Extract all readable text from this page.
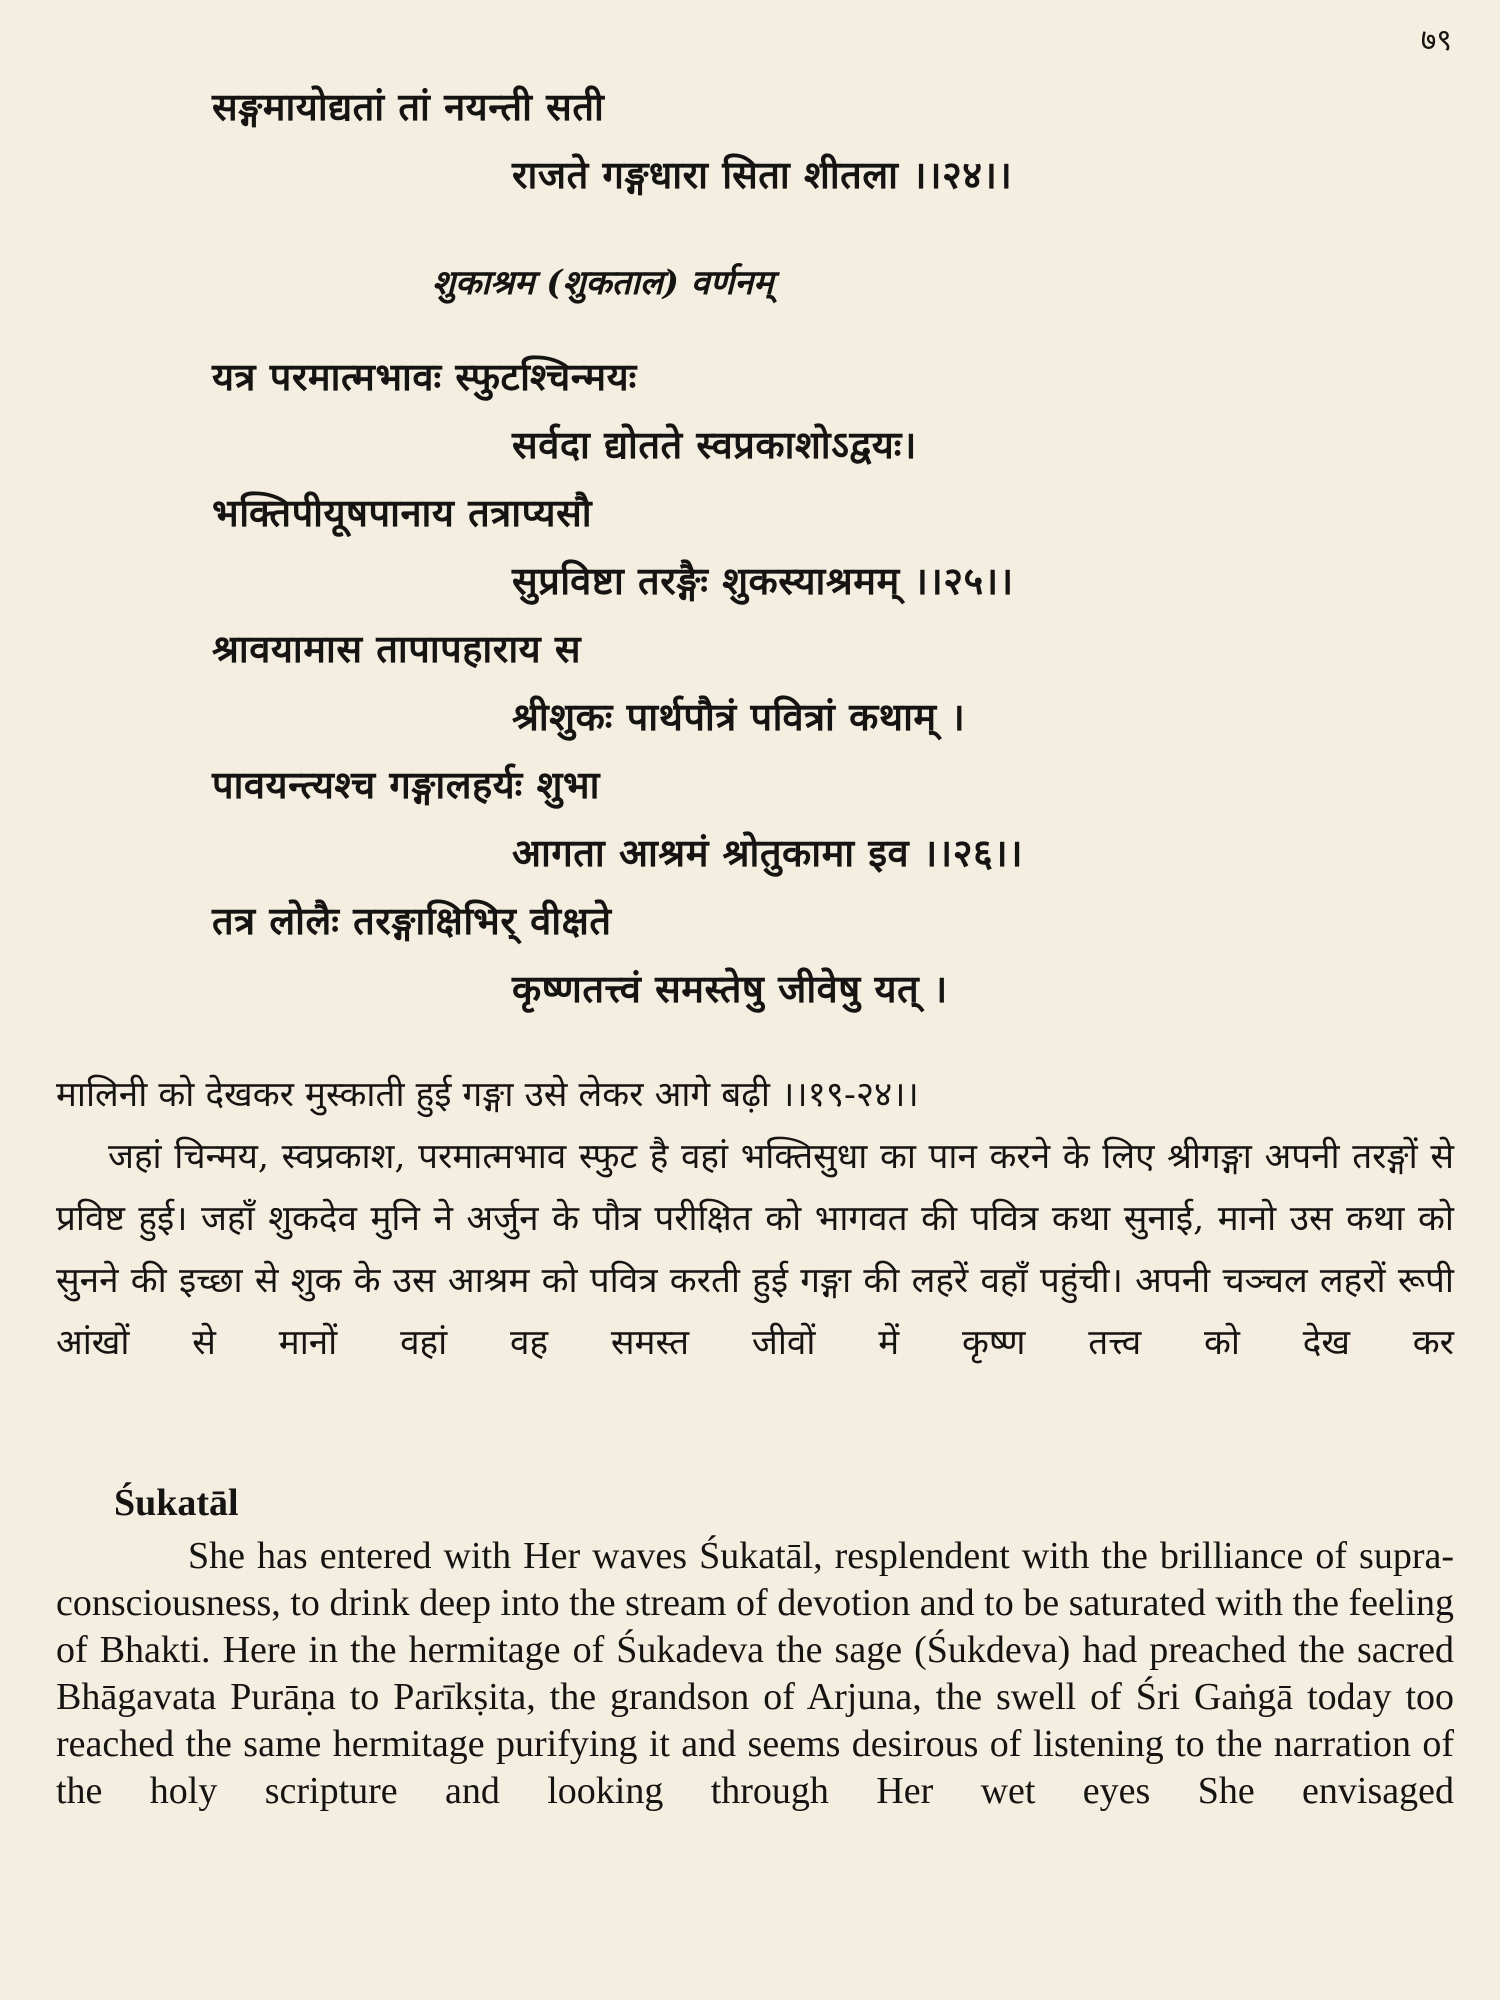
७९
सङ्गमायोद्यतां तां नयन्ती सती
राजते गङ्गधारा सिता शीतला ।।२४।।
शुकाश्रम (शुकताल) वर्णनम्
यत्र परमात्मभावः स्फुटश्चिन्मयः
सर्वदा द्योतते स्वप्रकाशोऽद्वयः।
भक्तिपीयूषपानाय तत्राप्यसौ
सुप्रविष्टा तरङ्गैः शुकस्याश्रमम् ।।२५।।
श्रावयामास तापापहाराय स
श्रीशुकः पार्थपौत्रं पवित्रां कथाम् ।
पावयन्त्यश्च गङ्गालहर्यः शुभा
आगता आश्रमं श्रोतुकामा इव ।।२६।।
तत्र लोलैः तरङ्गाक्षिभिर् वीक्षते
कृष्णतत्त्वं समस्तेषु जीवेषु यत् ।

मालिनी को देखकर मुस्काती हुई गङ्गा उसे लेकर आगे बढ़ी ।।१९-२४।।

जहां चिन्मय, स्वप्रकाश, परमात्मभाव स्फुट है वहां भक्तिसुधा का पान करने के लिए श्रीगङ्गा अपनी तरङ्गों से प्रविष्ट हुई। जहाँ शुकदेव मुनि ने अर्जुन के पौत्र परीक्षित को भागवत की पवित्र कथा सुनाई, मानो उस कथा को सुनने की इच्छा से शुक के उस आश्रम को पवित्र करती हुई गङ्गा की लहरें वहाँ पहुंची। अपनी चञ्चल लहरों रूपी आंखों से मानों वहां वह समस्त जीवों में कृष्ण तत्त्व को देख कर

Śukatāl

She has entered with Her waves Śukatāl, resplendent with the brilliance of supra-consciousness, to drink deep into the stream of devotion and to be saturated with the feeling of Bhakti. Here in the hermitage of Śukadeva the sage (Śukdeva) had preached the sacred Bhāgavata Purāṇa to Parīkṣita, the grandson of Arjuna, the swell of Śri Gaṅgā today too reached the same hermitage purifying it and seems desirous of listening to the narration of the holy scripture and looking through Her wet eyes She envisaged
